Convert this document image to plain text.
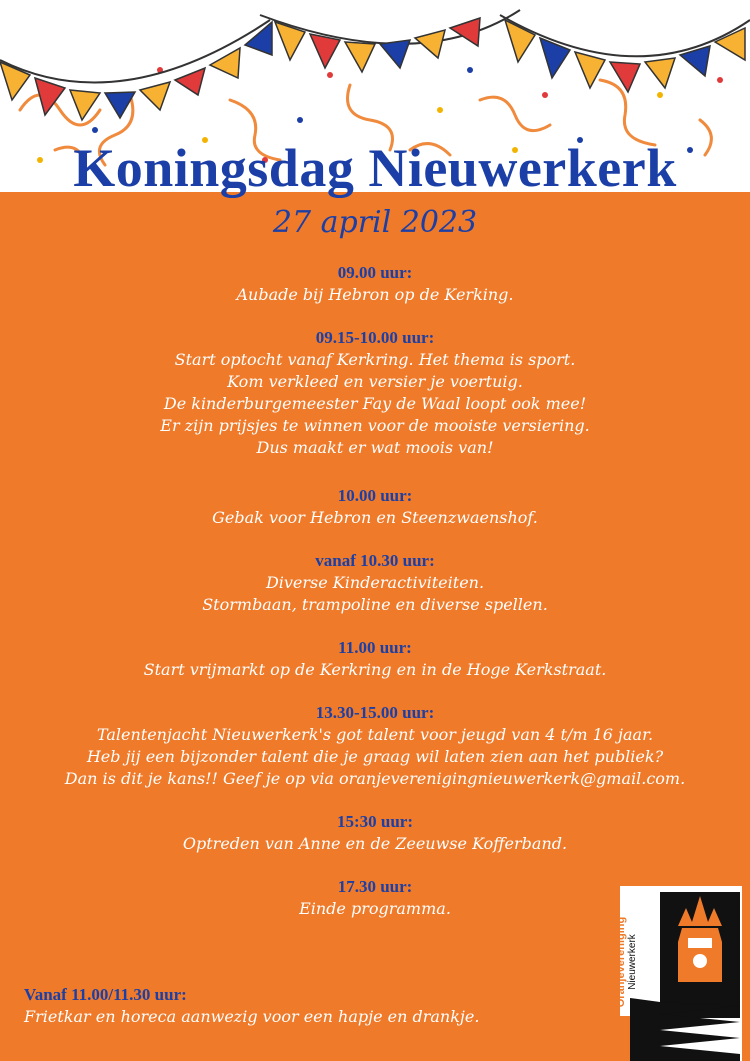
Koningsdag Nieuwerkerk
27 april 2023
09.00 uur:
Aubade bij Hebron op de Kerking.
09.15-10.00 uur:
Start optocht vanaf Kerkring. Het thema is sport.
Kom verkleed en versier je voertuig.
De kinderburgemeester Fay de Waal loopt ook mee!
Er zijn prijsjes te winnen voor de mooiste versiering.
Dus maakt er wat moois van!
10.00 uur:
Gebak voor Hebron en Steenzwaenshof.
vanaf 10.30 uur:
Diverse Kinderactiviteiten.
Stormbaan, trampoline en diverse spellen.
11.00 uur:
Start vrijmarkt op de Kerkring en in de Hoge Kerkstraat.
13.30-15.00 uur:
Talentenjacht Nieuwerkerk's got talent voor jeugd van 4 t/m 16 jaar.
Heb jij een bijzonder talent die je graag wil laten zien aan het publiek?
Dan is dit je kans!! Geef je op via oranjeverenigingnieuwerkerk@gmail.com.
15:30 uur:
Optreden van Anne en de Zeeuwse Kofferband.
17.30 uur:
Einde programma.
Vanaf 11.00/11.30 uur:
Frietkar en horeca aanwezig voor een hapje en drankje.
Oranjevereniging Nieuwerkerk
